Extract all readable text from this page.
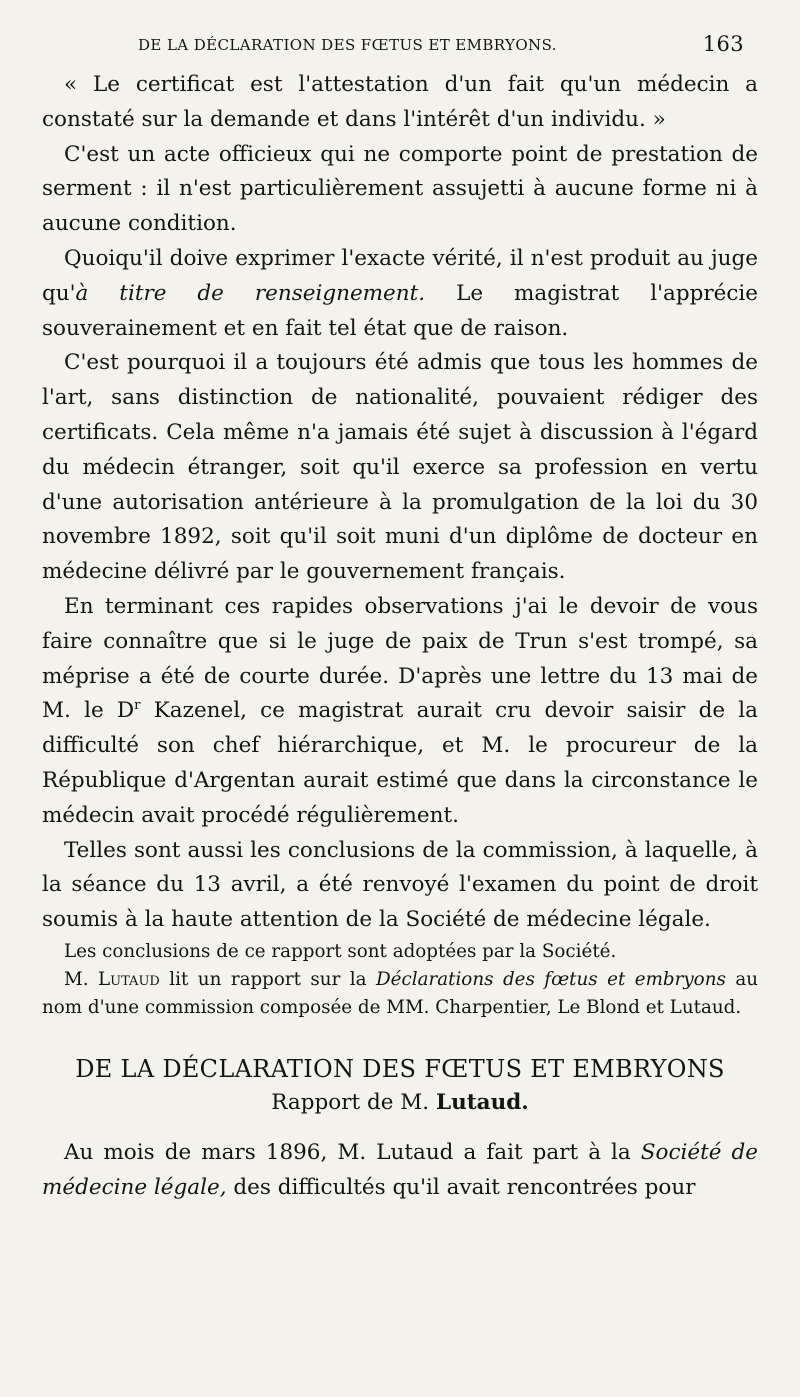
DE LA DÉCLARATION DES FŒTUS ET EMBRYONS.	163

« Le certificat est l'attestation d'un fait qu'un médecin a constaté sur la demande et dans l'intérêt d'un individu. »

C'est un acte officieux qui ne comporte point de prestation de serment : il n'est particulièrement assujetti à aucune forme ni à aucune condition.

Quoiqu'il doive exprimer l'exacte vérité, il n'est produit au juge qu'à titre de renseignement. Le magistrat l'apprécie souverainement et en fait tel état que de raison.

C'est pourquoi il a toujours été admis que tous les hommes de l'art, sans distinction de nationalité, pouvaient rédiger des certificats. Cela même n'a jamais été sujet à discussion à l'égard du médecin étranger, soit qu'il exerce sa profession en vertu d'une autorisation antérieure à la promulgation de la loi du 30 novembre 1892, soit qu'il soit muni d'un diplôme de docteur en médecine délivré par le gouvernement français.

En terminant ces rapides observations j'ai le devoir de vous faire connaître que si le juge de paix de Trun s'est trompé, sa méprise a été de courte durée. D'après une lettre du 13 mai de M. le $D^r$ Kazenel, ce magistrat aurait cru devoir saisir de la difficulté son chef hiérarchique, et M. le procureur de la République d'Argentan aurait estimé que dans la circonstance le médecin avait procédé régulièrement.

Telles sont aussi les conclusions de la commission, à laquelle, à la séance du 13 avril, a été renvoyé l'examen du point de droit soumis à la haute attention de la Société de médecine légale.

Les conclusions de ce rapport sont adoptées par la Société.

M. Lutaud lit un rapport sur la Déclarations des fœtus et embryons au nom d'une commission composée de MM. Charpentier, Le Blond et Lutaud.

DE LA DÉCLARATION DES FŒTUS ET EMBRYONS
Rapport de M. Lutaud.

Au mois de mars 1896, M. Lutaud a fait part à la Société de médecine légale, des difficultés qu'il avait rencontrées pour
